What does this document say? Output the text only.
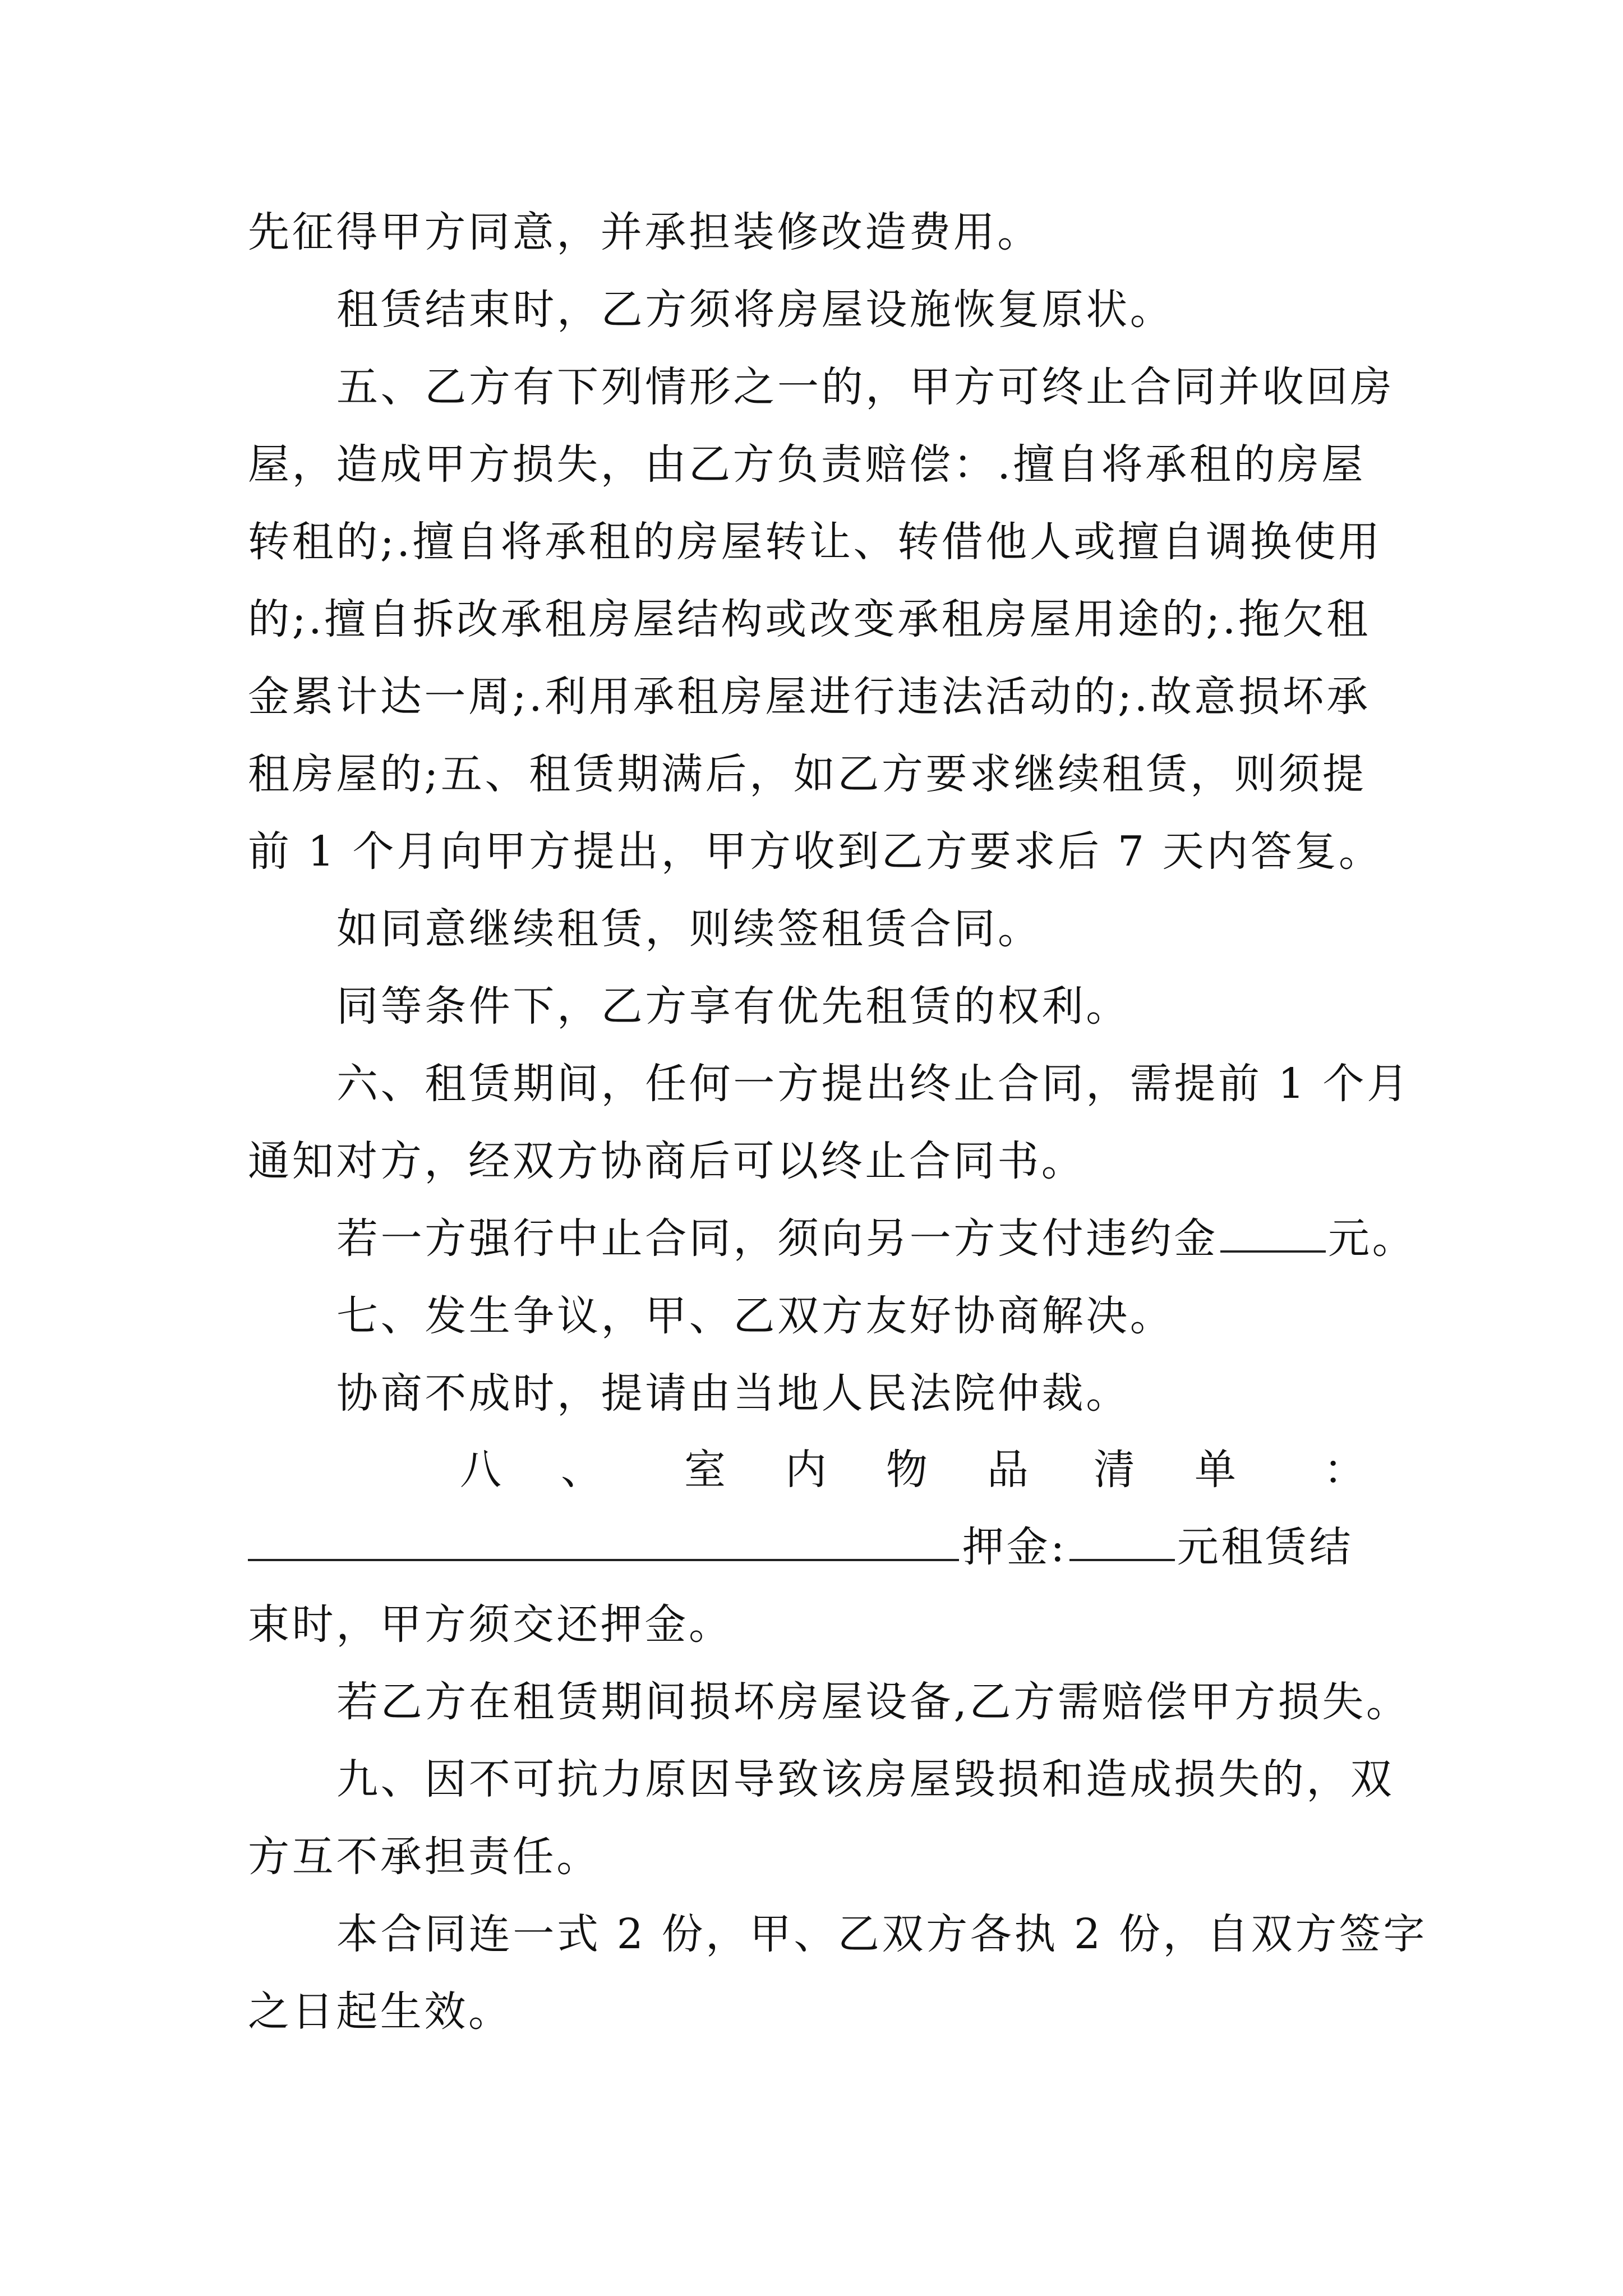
先征得甲方同意，并承担装修改造费用。

租赁结束时，乙方须将房屋设施恢复原状。

五、乙方有下列情形之一的，甲方可终止合同并收回房

屋，造成甲方损失，由乙方负责赔偿：.擅自将承租的房屋

转租的;.擅自将承租的房屋转让、转借他人或擅自调换使用

的;.擅自拆改承租房屋结构或改变承租房屋用途的;.拖欠租

金累计达一周;.利用承租房屋进行违法活动的;.故意损坏承

租房屋的;五、租赁期满后，如乙方要求继续租赁，则须提

前 1 个月向甲方提出，甲方收到乙方要求后 7 天内答复。

如同意继续租赁，则续签租赁合同。

同等条件下，乙方享有优先租赁的权利。

六、租赁期间，任何一方提出终止合同，需提前 1 个月

通知对方，经双方协商后可以终止合同书。

若一方强行中止合同，须向另一方支付违约金	元。

七、发生争议，甲、乙双方友好协商解决。

协商不成时，提请由当地人民法院仲裁。

八 、 室 内 物 品 清 单 ：

押金:	元租赁结

束时，甲方须交还押金。

若乙方在租赁期间损坏房屋设备,乙方需赔偿甲方损失。

九、因不可抗力原因导致该房屋毁损和造成损失的，双

方互不承担责任。

本合同连一式 2 份，甲、乙双方各执 2 份，自双方签字

之日起生效。
